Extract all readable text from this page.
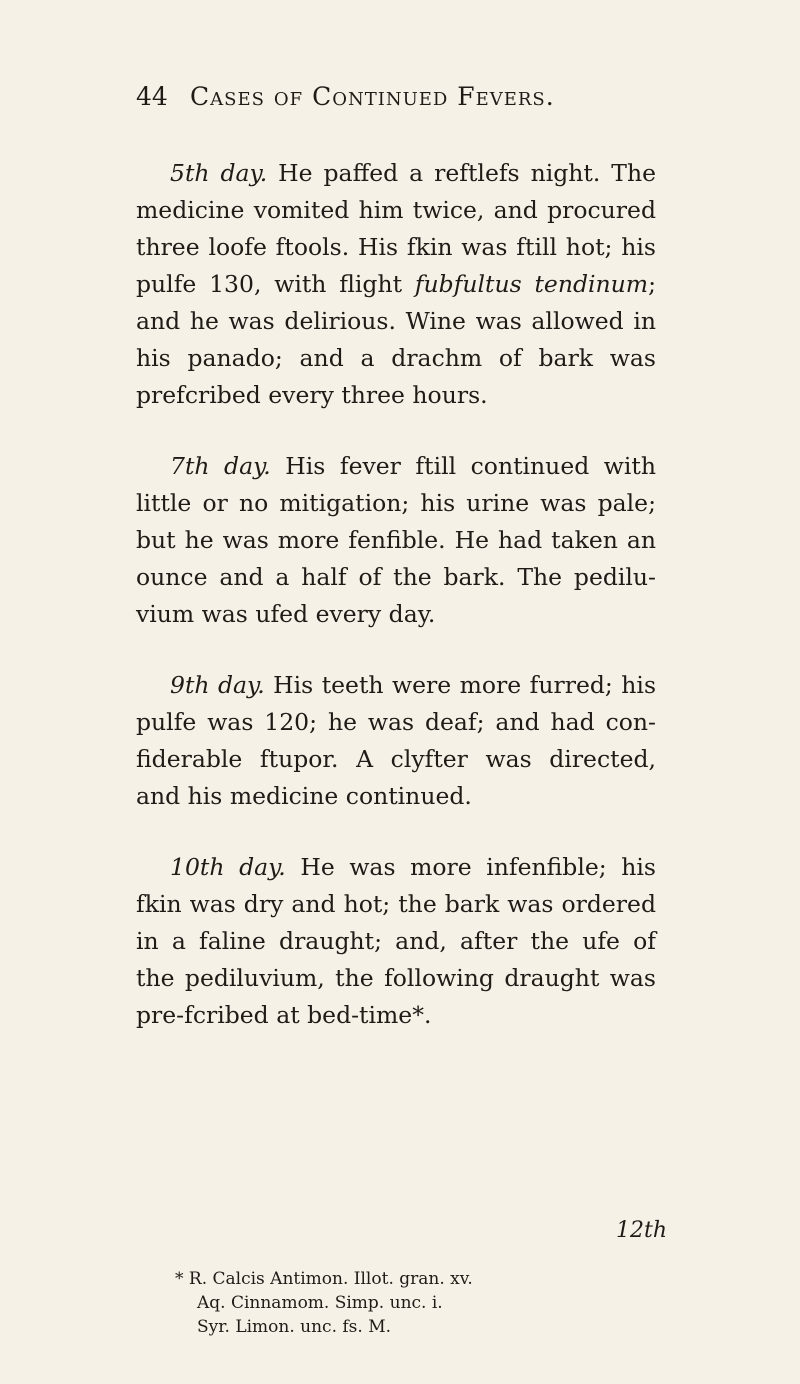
44 Cases of Continued Fevers.

5th day. He paffed a reftlefs night. The medicine vomited him twice, and procured three loofe ftools. His fkin was ftill hot; his pulfe 130, with flight fubfultus tendinum; and he was delirious. Wine was allowed in his panado; and a drachm of bark was prefcribed every three hours.

7th day. His fever ftill continued with little or no mitigation; his urine was pale; but he was more fenfible. He had taken an ounce and a half of the bark. The pedilu-vium was ufed every day.

9th day. His teeth were more furred; his pulfe was 120; he was deaf; and had con-fiderable ftupor. A clyfter was directed, and his medicine continued.

10th day. He was more infenfible; his fkin was dry and hot; the bark was ordered in a faline draught; and, after the ufe of the pediluvium, the following draught was pre-fcribed at bed-time*.

12th
* R. Calcis Antimon. Illot. gran. xv.
Aq. Cinnamom. Simp. unc. i.
Syr. Limon. unc. fs. M.
